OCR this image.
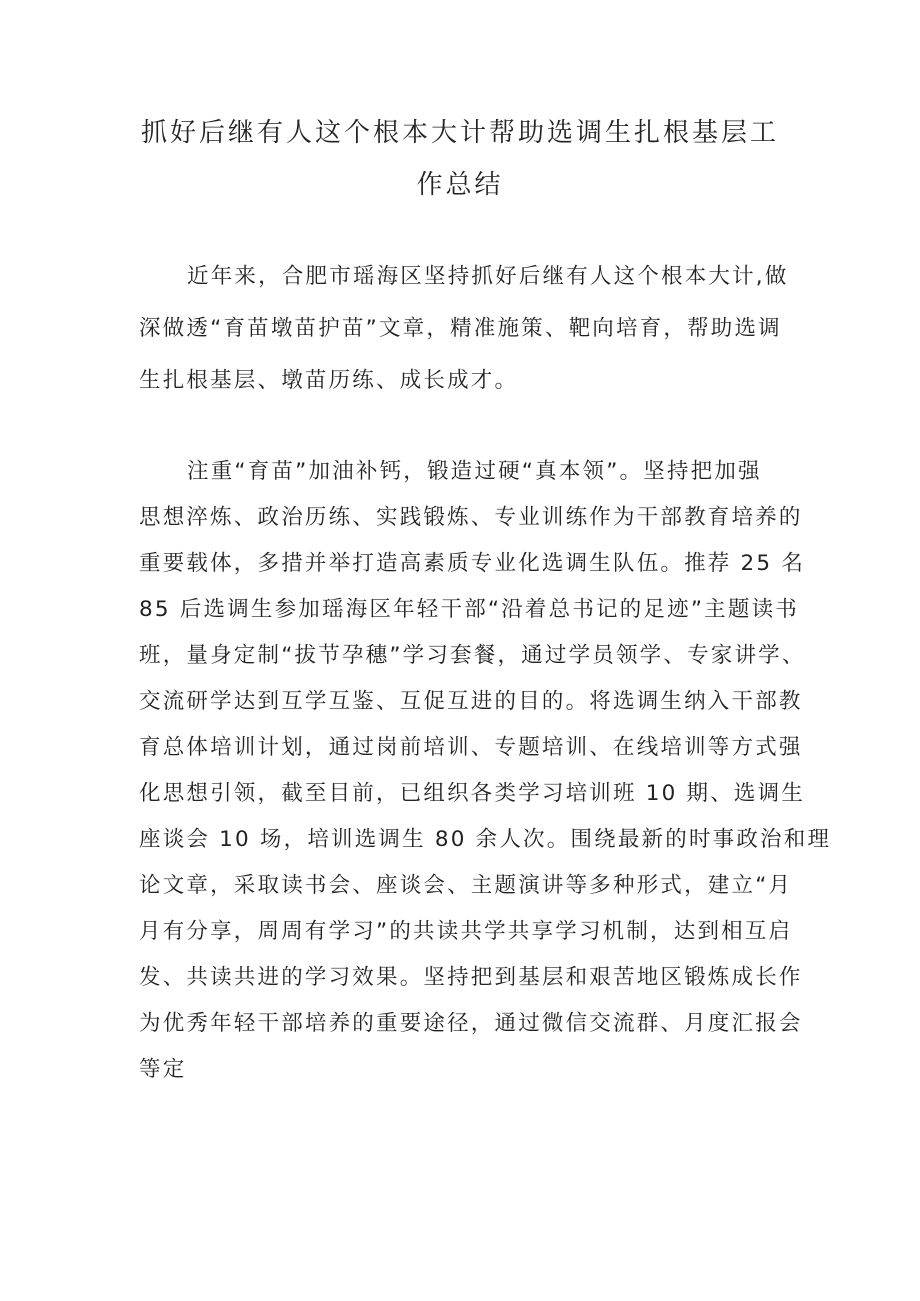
抓好后继有人这个根本大计帮助选调生扎根基层工
作总结
近年来，合肥市瑶海区坚持抓好后继有人这个根本大计,做
深做透“育苗墩苗护苗”文章，精准施策、靶向培育，帮助选调
生扎根基层、墩苗历练、成长成才。
注重“育苗”加油补钙，锻造过硬“真本领”。坚持把加强
思想淬炼、政治历练、实践锻炼、专业训练作为干部教育培养的
重要载体，多措并举打造高素质专业化选调生队伍。推荐 25 名
85 后选调生参加瑶海区年轻干部“沿着总书记的足迹”主题读书
班，量身定制“拔节孕穗”学习套餐，通过学员领学、专家讲学、
交流研学达到互学互鉴、互促互进的目的。将选调生纳入干部教
育总体培训计划，通过岗前培训、专题培训、在线培训等方式强
化思想引领，截至目前，已组织各类学习培训班 10 期、选调生
座谈会 10 场，培训选调生 80 余人次。围绕最新的时事政治和理
论文章，采取读书会、座谈会、主题演讲等多种形式，建立“月
月有分享，周周有学习”的共读共学共享学习机制，达到相互启
发、共读共进的学习效果。坚持把到基层和艰苦地区锻炼成长作
为优秀年轻干部培养的重要途径，通过微信交流群、月度汇报会
等定
